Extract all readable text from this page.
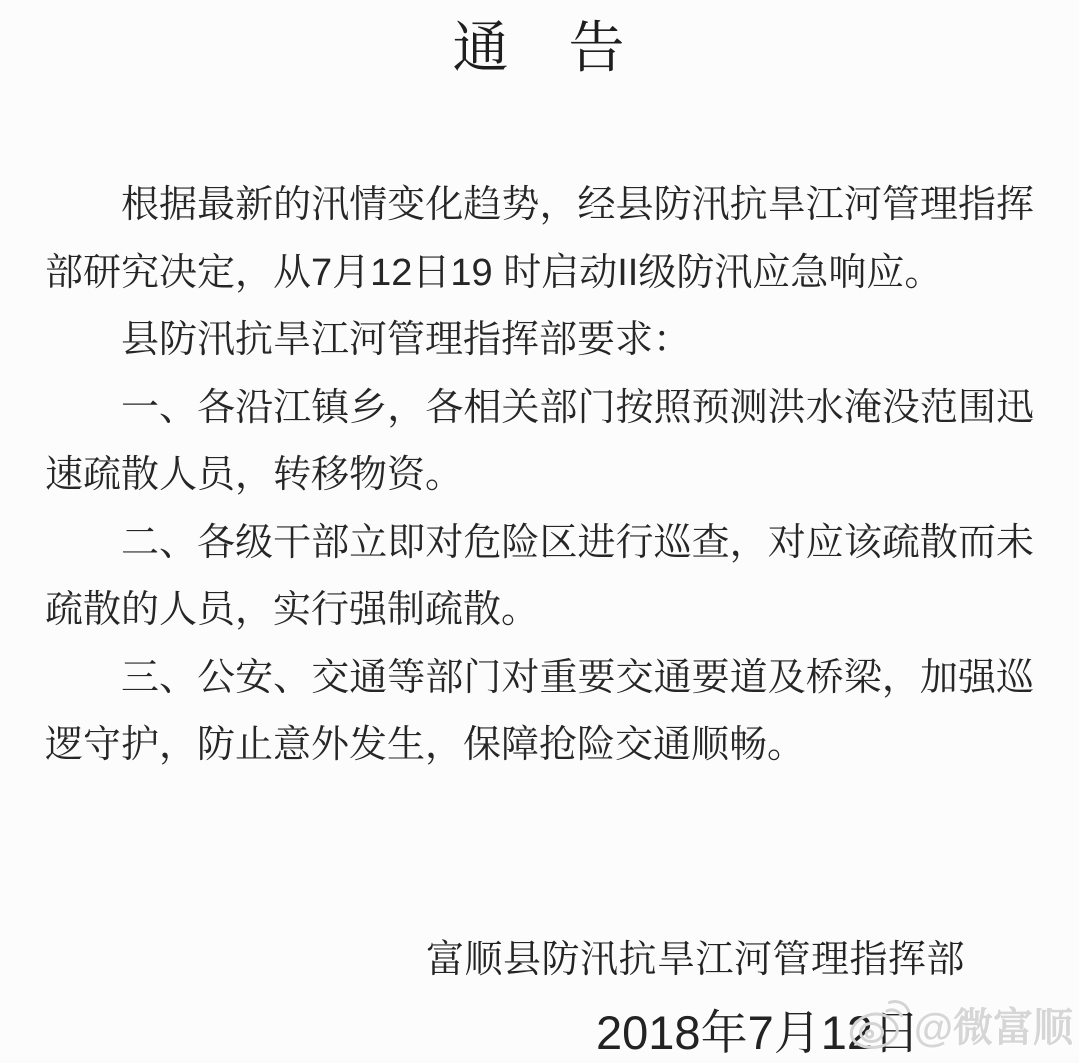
通　告

根据最新的汛情变化趋势，经县防汛抗旱江河管理指挥部研究决定，从7月12日19 时启动II级防汛应急响应。

县防汛抗旱江河管理指挥部要求：

一、各沿江镇乡，各相关部门按照预测洪水淹没范围迅速疏散人员，转移物资。

二、各级干部立即对危险区进行巡查，对应该疏散而未疏散的人员，实行强制疏散。

三、公安、交通等部门对重要交通要道及桥梁，加强巡逻守护，防止意外发生，保障抢险交通顺畅。

富顺县防汛抗旱江河管理指挥部
2018年7月12日
@微富顺
